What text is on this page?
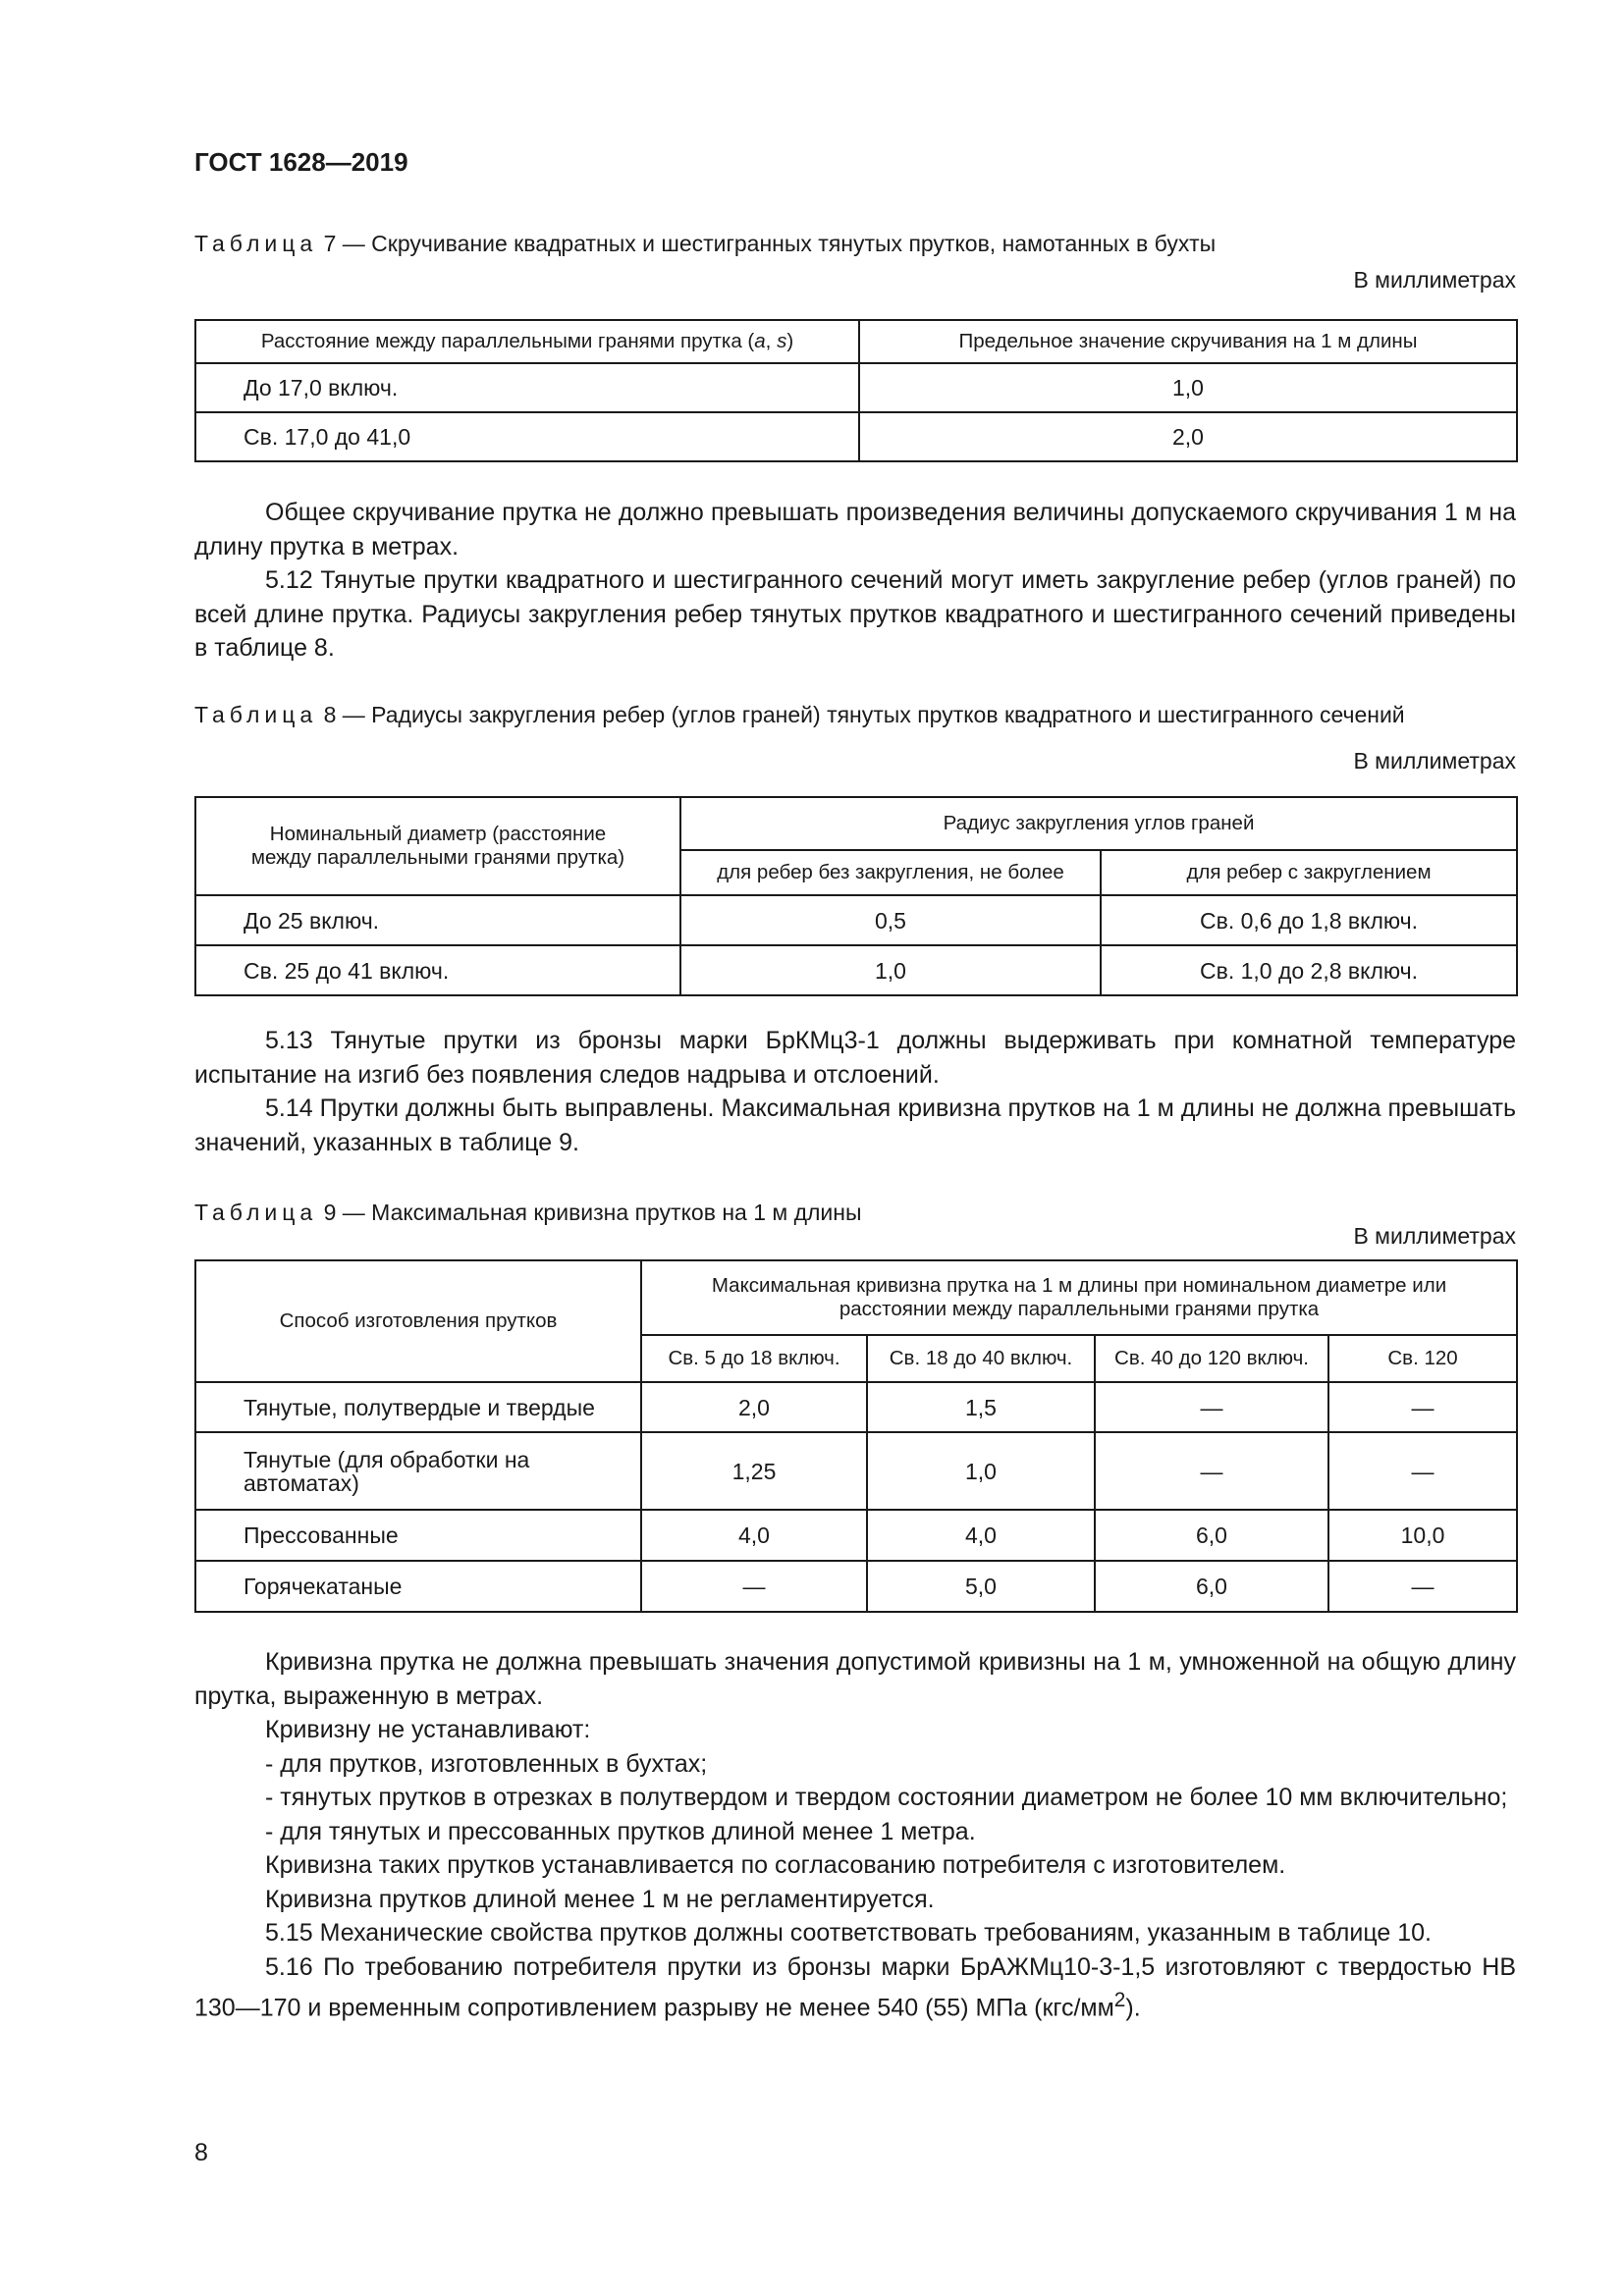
ГОСТ 1628—2019
Таблица 7 — Скручивание квадратных и шестигранных тянутых прутков, намотанных в бухты
В миллиметрах
Расстояние между параллельными гранями прутка (a, s)	Предельное значение скручивания на 1 м длины
До 17,0 включ.	1,0
Св. 17,0 до 41,0	2,0

Общее скручивание прутка не должно превышать произведения величины допускаемого скручивания 1 м на длину прутка в метрах.

5.12 Тянутые прутки квадратного и шестигранного сечений могут иметь закругление ребер (углов граней) по всей длине прутка. Радиусы закругления ребер тянутых прутков квадратного и шестигранного сечений приведены в таблице 8.

Таблица 8 — Радиусы закругления ребер (углов граней) тянутых прутков квадратного и шестигранного сечений
В миллиметрах
Номинальный диаметр (расстояние между параллельными гранями прутка)	Радиус закругления углов граней	
	для ребер без закругления, не более	для ребер с закруглением
До 25 включ.	0,5	Св. 0,6 до 1,8 включ.
Св. 25 до 41 включ.	1,0	Св. 1,0 до 2,8 включ.

5.13 Тянутые прутки из бронзы марки БрКМц3-1 должны выдерживать при комнатной температуре испытание на изгиб без появления следов надрыва и отслоений.

5.14 Прутки должны быть выправлены. Максимальная кривизна прутков на 1 м длины не должна превышать значений, указанных в таблице 9.

Таблица 9 — Максимальная кривизна прутков на 1 м длины
В миллиметрах
Способ изготовления прутков	Максимальная кривизна прутка на 1 м длины при номинальном диаметре или расстоянии между параллельными гранями прутка			
	Св. 5 до 18 включ.	Св. 18 до 40 включ.	Св. 40 до 120 включ.	Св. 120
Тянутые, полутвердые и твердые	2,0	1,5	—	—
Тянутые (для обработки на автоматах)	1,25	1,0	—	—
Прессованные	4,0	4,0	6,0	10,0
Горячекатаные	—	5,0	6,0	—

Кривизна прутка не должна превышать значения допустимой кривизны на 1 м, умноженной на общую длину прутка, выраженную в метрах.

Кривизну не устанавливают:

- для прутков, изготовленных в бухтах;

- тянутых прутков в отрезках в полутвердом и твердом состоянии диаметром не более 10 мм включительно;

- для тянутых и прессованных прутков длиной менее 1 метра.

Кривизна таких прутков устанавливается по согласованию потребителя с изготовителем.

Кривизна прутков длиной менее 1 м не регламентируется.

5.15 Механические свойства прутков должны соответствовать требованиям, указанным в таблице 10.

5.16 По требованию потребителя прутки из бронзы марки БрАЖМц10-3-1,5 изготовляют с твердостью НВ 130—170 и временным сопротивлением разрыву не менее 540 (55) МПа $(кгс/мм^2)$.

8
